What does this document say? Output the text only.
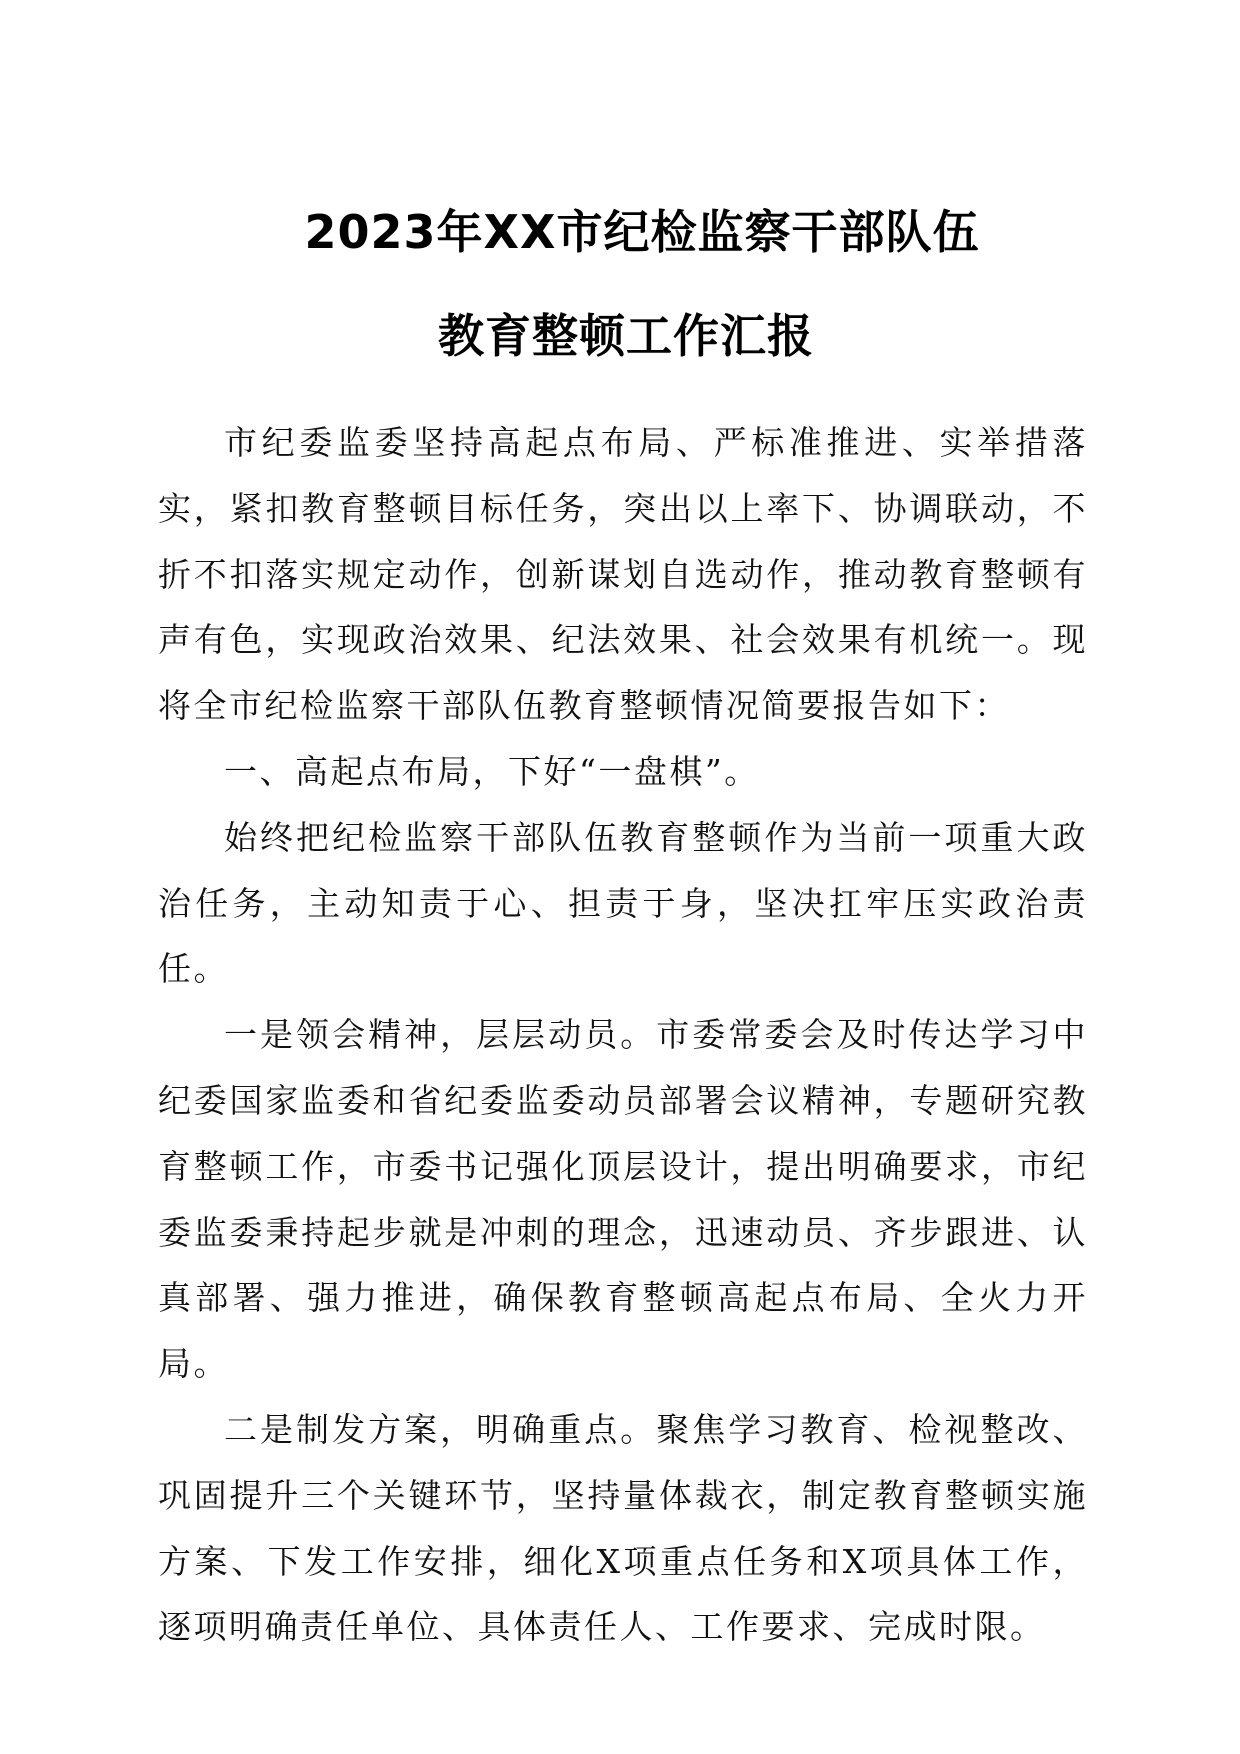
2023年XX市纪检监察干部队伍
教育整顿工作汇报

市纪委监委坚持高起点布局、严标准推进、实举措落实，紧扣教育整顿目标任务，突出以上率下、协调联动，不折不扣落实规定动作，创新谋划自选动作，推动教育整顿有声有色，实现政治效果、纪法效果、社会效果有机统一。现将全市纪检监察干部队伍教育整顿情况简要报告如下：

一、高起点布局，下好“一盘棋”。

始终把纪检监察干部队伍教育整顿作为当前一项重大政治任务，主动知责于心、担责于身，坚决扛牢压实政治责任。

一是领会精神，层层动员。市委常委会及时传达学习中纪委国家监委和省纪委监委动员部署会议精神，专题研究教育整顿工作，市委书记强化顶层设计，提出明确要求，市纪委监委秉持起步就是冲刺的理念，迅速动员、齐步跟进、认真部署、强力推进，确保教育整顿高起点布局、全火力开局。

二是制发方案，明确重点。聚焦学习教育、检视整改、巩固提升三个关键环节，坚持量体裁衣，制定教育整顿实施方案、下发工作安排，细化X项重点任务和X项具体工作，逐项明确责任单位、具体责任人、工作要求、完成时限。
